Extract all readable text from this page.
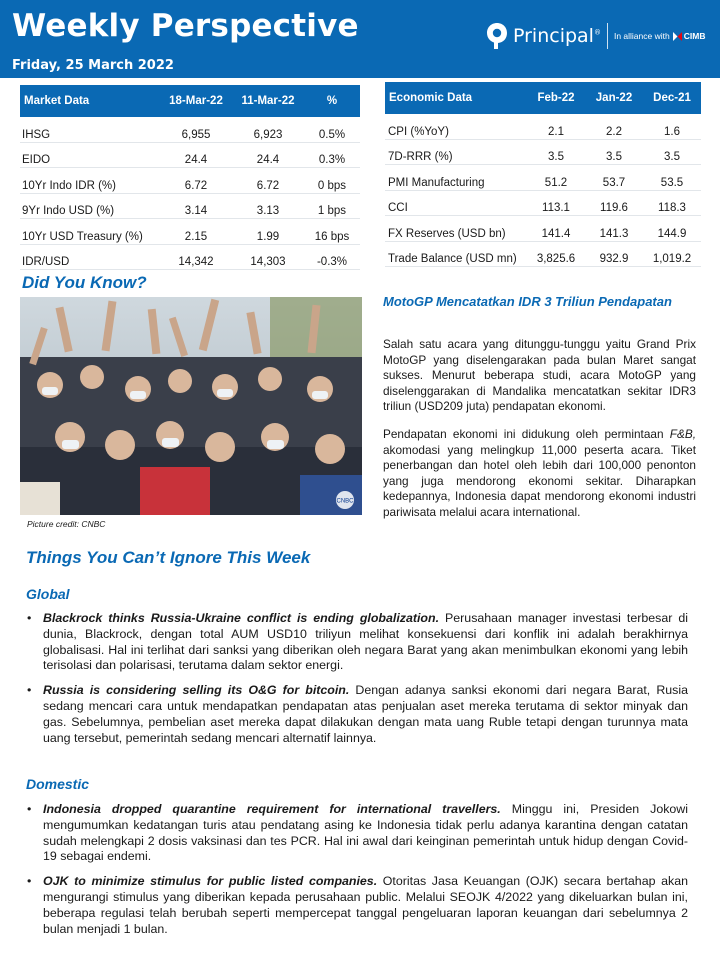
Weekly Perspective
Friday, 25 March 2022
Principal® In alliance with CIMB
Market Data	18-Mar-22	11-Mar-22	%
IHSG	6,955	6,923	0.5%
EIDO	24.4	24.4	0.3%
10Yr Indo IDR (%)	6.72	6.72	0 bps
9Yr Indo USD (%)	3.14	3.13	1 bps
10Yr USD Treasury (%)	2.15	1.99	16 bps
IDR/USD	14,342	14,303	-0.3%
Economic Data	Feb-22	Jan-22	Dec-21
CPI (%YoY)	2.1	2.2	1.6
7D-RRR (%)	3.5	3.5	3.5
PMI Manufacturing	51.2	53.7	53.5
CCI	113.1	119.6	118.3
FX Reserves (USD bn)	141.4	141.3	144.9
Trade Balance (USD mn)	3,825.6	932.9	1,019.2
Did You Know?
CNBC
Picture credit: CNBC
MotoGP Mencatatkan IDR 3 Triliun Pendapatan

Salah satu acara yang ditunggu-tunggu yaitu Grand Prix MotoGP yang diselengarakan pada bulan Maret sangat sukses. Menurut beberapa studi, acara MotoGP yang diselenggarakan di Mandalika mencatatkan sekitar IDR3 triliun (USD209 juta) pendapatan ekonomi.

Pendapatan ekonomi ini didukung oleh permintaan F&B, akomodasi yang melingkup 11,000 peserta acara. Tiket penerbangan dan hotel oleh lebih dari 100,000 penonton yang juga mendorong ekonomi sekitar. Diharapkan kedepannya, Indonesia dapat mendorong ekonomi industri pariwisata melalui acara international.

Things You Can’t Ignore This Week
Global
• Blackrock thinks Russia-Ukraine conflict is ending globalization. Perusahaan manager investasi terbesar di dunia, Blackrock, dengan total AUM USD10 triliyun melihat konsekuensi dari konflik ini adalah berakhirnya globalisasi. Hal ini terlihat dari sanksi yang diberikan oleh negara Barat yang akan menimbulkan ekonomi yang lebih terisolasi dan polarisasi, terutama dalam sektor energi.
• Russia is considering selling its O&G for bitcoin. Dengan adanya sanksi ekonomi dari negara Barat, Rusia sedang mencari cara untuk mendapatkan pendapatan atas penjualan aset mereka terutama di sektor minyak dan gas. Sebelumnya, pembelian aset mereka dapat dilakukan dengan mata uang Ruble tetapi dengan turunnya mata uang tersebut, pemerintah sedang mencari alternatif lainnya.
Domestic
• Indonesia dropped quarantine requirement for international travellers. Minggu ini, Presiden Jokowi mengumumkan kedatangan turis atau pendatang asing ke Indonesia tidak perlu adanya karantina dengan catatan sudah melengkapi 2 dosis vaksinasi dan tes PCR. Hal ini awal dari keinginan pemerintah untuk hidup dengan Covid-19 sebagai endemi.
• OJK to minimize stimulus for public listed companies. Otoritas Jasa Keuangan (OJK) secara bertahap akan mengurangi stimulus yang diberikan kepada perusahaan public. Melalui SEOJK 4/2022 yang dikeluarkan bulan ini, beberapa regulasi telah berubah seperti mempercepat tanggal pengeluaran laporan keuangan dari sebelumnya 2 bulan menjadi 1 bulan.
